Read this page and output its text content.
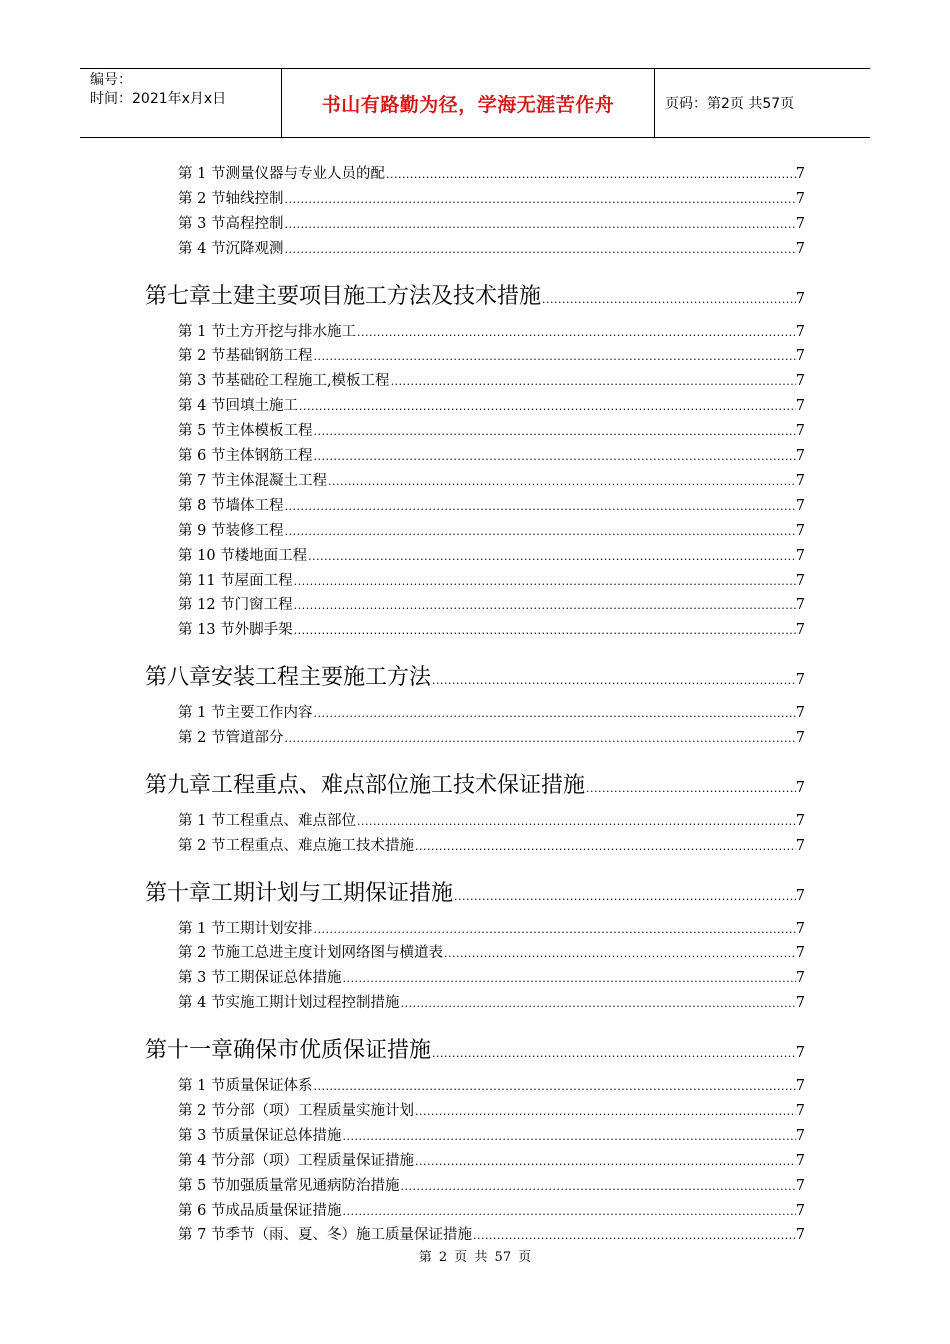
编号：
时间：2021年x月x日	书山有路勤为径，学海无涯苦作舟	页码：第2页 共57页
第 1 节 测量仪器与专业人员的配 .....	7
第 2 节 轴线控制 .....	7
第 3 节 高程控制 .....	7
第 4 节 沉降观测 .....	7
第七章 土建主要项目施工方法及技术措施 .....	7
第 1 节 土方开挖与排水施工 .....	7
第 2 节 基础钢筋工程 .....	7
第 3 节 基础砼工程施工,模板工程 .....	7
第 4 节 回填土施工 .....	7
第 5 节 主体模板工程 .....	7
第 6 节 主体钢筋工程 .....	7
第 7 节 主体混凝土工程 .....	7
第 8 节 墙体工程 .....	7
第 9 节 装修工程 .....	7
第 10 节 楼地面工程 .....	7
第 11 节 屋面工程 .....	7
第 12 节 门窗工程 .....	7
第 13 节 外脚手架 .....	7
第八章 安装工程主要施工方法 .....	7
第 1 节 主要工作内容 .....	7
第 2 节 管道部分 .....	7
第九章 工程重点、难点部位施工技术保证措施 .....	7
第 1 节 工程重点、难点部位 .....	7
第 2 节 工程重点、难点施工技术措施 .....	7
第十章 工期计划与工期保证措施 .....	7
第 1 节 工期计划安排 .....	7
第 2 节 施工总进主度计划网络图与横道表 .....	7
第 3 节 工期保证总体措施 .....	7
第 4 节 实施工期计划过程控制措施 .....	7
第十一章 确保市优质保证措施 .....	7
第 1 节 质量保证体系 .....	7
第 2 节 分部（项）工程质量实施计划 .....	7
第 3 节 质量保证总体措施 .....	7
第 4 节 分部（项）工程质量保证措施 .....	7
第 5 节 加强质量常见通病防治措施 .....	7
第 6 节 成品质量保证措施 .....	7
第 7 节 季节（雨、夏、冬）施工质量保证措施 .....	7
第 2 页 共 57 页
